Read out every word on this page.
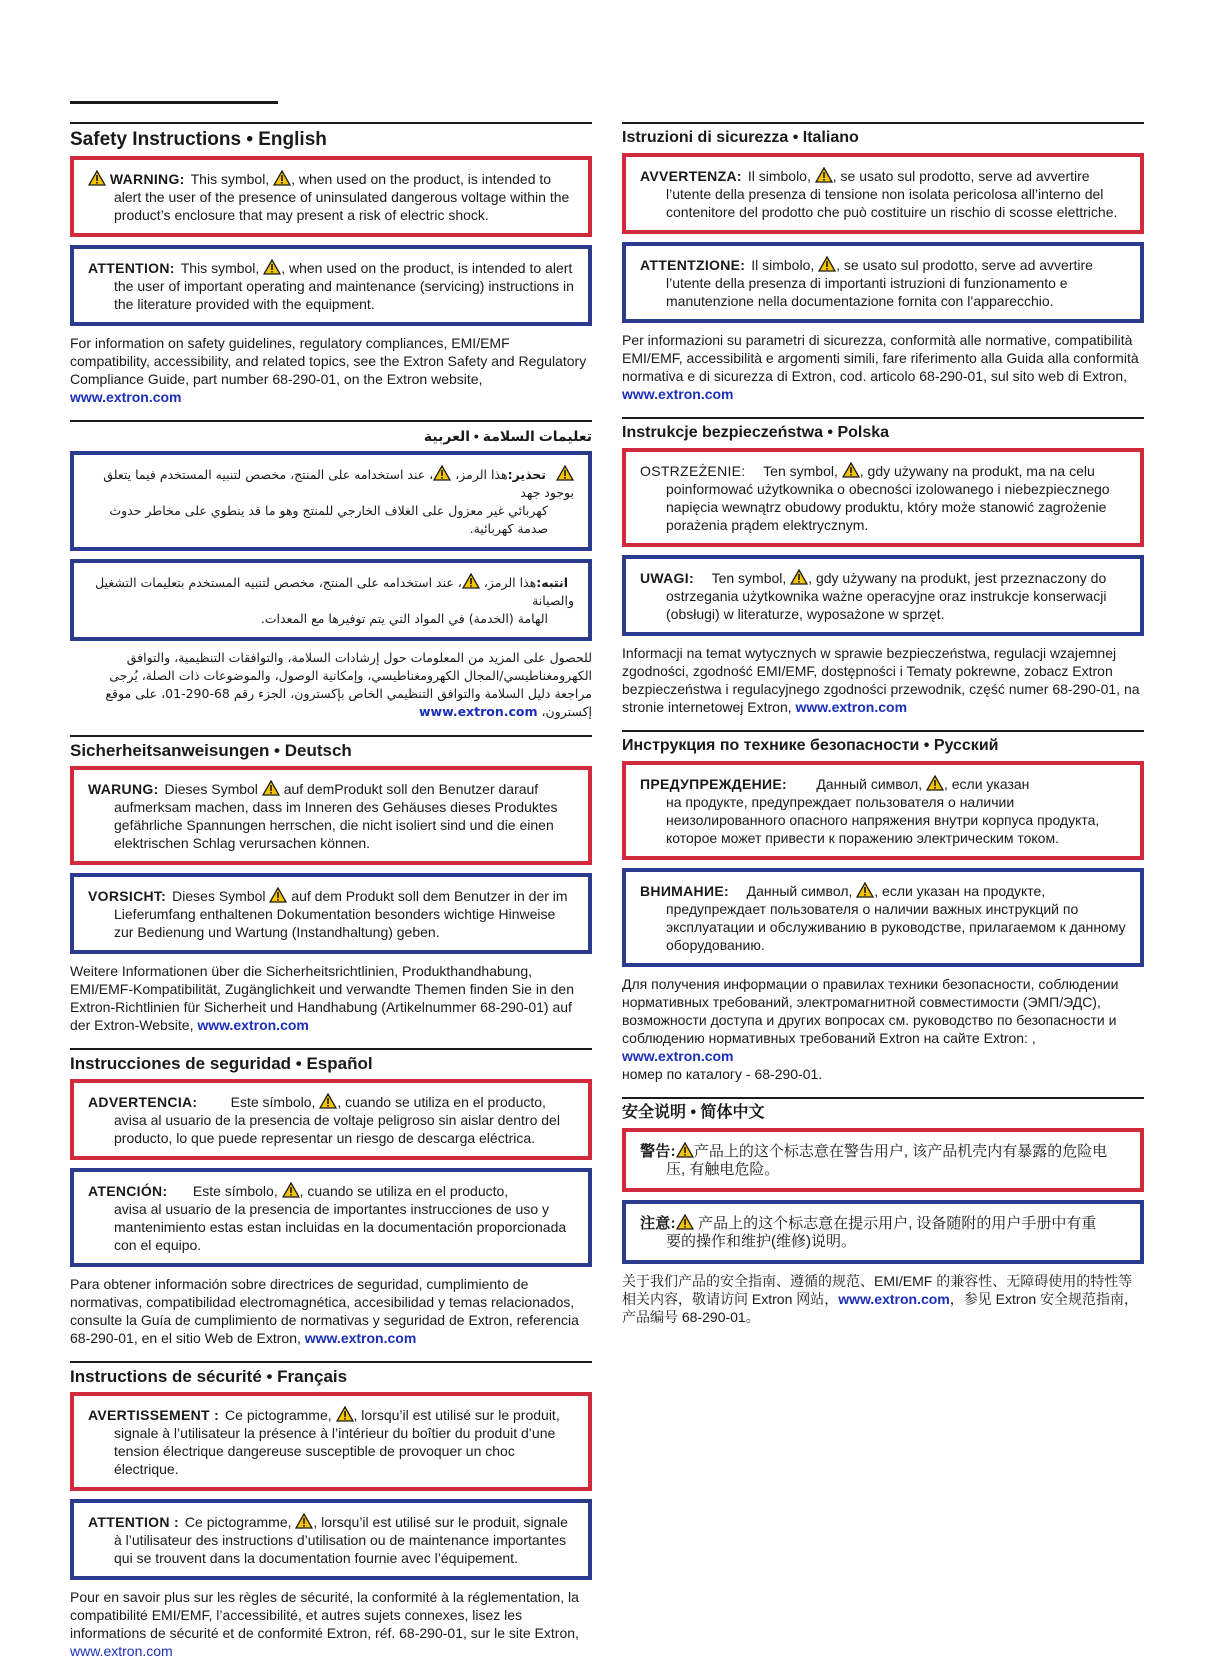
Safety Instructions • English
WARNING: This symbol, , when used on the product, is intended to
alert the user of the presence of uninsulated dangerous voltage within the product’s enclosure that may present a risk of electric shock.
ATTENTION: This symbol, , when used on the product, is intended to alert
the user of important operating and maintenance (servicing) instructions in the literature provided with the equipment.

For information on safety guidelines, regulatory compliances, EMI/EMF compatibility, accessibility, and related topics, see the Extron Safety and Regulatory Compliance Guide, part number 68-290-01, on the Extron website, www.extron.com

تعليمات السلامة • العربية
تحذير:هذا الرمز،
، عند استخدامه على المنتج، مخصص لتنبيه المستخدم فيما يتعلق بوجود جهد
كهربائي غير معزول على الغلاف الخارجي للمنتج وهو ما قد ينطوي على مخاطر حدوث صدمة كهربائية.
انتبه:هذا الرمز،
، عند استخدامه على المنتج، مخصص لتنبيه المستخدم بتعليمات التشغيل والصيانة
الهامة (الخدمة) في المواد التي يتم توفيرها مع المعدات.

للحصول على المزيد من المعلومات حول إرشادات السلامة، والتوافقات التنظيمية، والتوافق الكهرومغناطيسي/المجال الكهرومغناطيسي، وإمكانية الوصول، والموضوعات ذات الصلة، يُرجى مراجعة دليل السلامة والتوافق التنظيمي الخاص بإكسترون، الجزء رقم 68-290-01، على موقع إكسترون، www.extron.com

Sicherheitsanweisungen • Deutsch
WARUNG: Dieses Symbol auf demProdukt soll den Benutzer darauf
aufmerksam machen, dass im Inneren des Gehäuses dieses Produktes gefährliche Spannungen herrschen, die nicht isoliert sind und die einen elektrischen Schlag verursachen können.
VORSICHT: Dieses Symbol auf dem Produkt soll dem Benutzer in der im
Lieferumfang enthaltenen Dokumentation besonders wichtige Hinweise zur Bedienung und Wartung (Instandhaltung) geben.

Weitere Informationen über die Sicherheitsrichtlinien, Produkthandhabung, EMI/EMF-Kompatibilität, Zugänglichkeit und verwandte Themen finden Sie in den Extron-Richtlinien für Sicherheit und Handhabung (Artikelnummer 68-290-01) auf der Extron-Website, www.extron.com

Instrucciones de seguridad • Español
ADVERTENCIA: Este símbolo, , cuando se utiliza en el producto,
avisa al usuario de la presencia de voltaje peligroso sin aislar dentro del producto, lo que puede representar un riesgo de descarga eléctrica.
ATENCIÓN: Este símbolo, , cuando se utiliza en el producto,
avisa al usuario de la presencia de importantes instrucciones de uso y mantenimiento estas estan incluidas en la documentación proporcionada con el equipo.

Para obtener información sobre directrices de seguridad, cumplimiento de normativas, compatibilidad electromagnética, accesibilidad y temas relacionados, consulte la Guía de cumplimiento de normativas y seguridad de Extron, referencia 68-290-01, en el sitio Web de Extron, www.extron.com

Instructions de sécurité • Français
AVERTISSEMENT : Ce pictogramme, , lorsqu’il est utilisé sur le produit,
signale à l’utilisateur la présence à l’intérieur du boîtier du produit d’une tension électrique dangereuse susceptible de provoquer un choc électrique.
ATTENTION : Ce pictogramme, , lorsqu’il est utilisé sur le produit, signale
à l’utilisateur des instructions d’utilisation ou de maintenance importantes qui se trouvent dans la documentation fournie avec l’équipement.

Pour en savoir plus sur les règles de sécurité, la conformité à la réglementation, la compatibilité EMI/EMF, l’accessibilité, et autres sujets connexes, lisez les informations de sécurité et de conformité Extron, réf. 68-290-01, sur le site Extron, www.extron.com

Istruzioni di sicurezza • Italiano
AVVERTENZA: Il simbolo, , se usato sul prodotto, serve ad avvertire
l’utente della presenza di tensione non isolata pericolosa all’interno del contenitore del prodotto che può costituire un rischio di scosse elettriche.
ATTENTZIONE: Il simbolo, , se usato sul prodotto, serve ad avvertire
l’utente della presenza di importanti istruzioni di funzionamento e manutenzione nella documentazione fornita con l’apparecchio.

Per informazioni su parametri di sicurezza, conformità alle normative, compatibilità EMI/EMF, accessibilità e argomenti simili, fare riferimento alla Guida alla conformità normativa e di sicurezza di Extron, cod. articolo 68-290-01, sul sito web di Extron, www.extron.com

Instrukcje bezpieczeństwa • Polska
OSTRZEŻENIE: Ten symbol, , gdy używany na produkt, ma na celu
poinformować użytkownika o obecności izolowanego i niebezpiecznego napięcia wewnątrz obudowy produktu, który może stanowić zagrożenie porażenia prądem elektrycznym.
UWAGI: Ten symbol, , gdy używany na produkt, jest przeznaczony do
ostrzegania użytkownika ważne operacyjne oraz instrukcje konserwacji (obsługi) w literaturze, wyposażone w sprzęt.

Informacji na temat wytycznych w sprawie bezpieczeństwa, regulacji wzajemnej zgodności, zgodność EMI/EMF, dostępności i Tematy pokrewne, zobacz Extron bezpieczeństwa i regulacyjnego zgodności przewodnik, część numer 68-290-01, na stronie internetowej Extron, www.extron.com

Инструкция по технике безопасности • Русский
ПРЕДУПРЕЖДЕНИЕ: Данный символ, , если указан
на продукте, предупреждает пользователя о наличии неизолированного опасного напряжения внутри корпуса продукта, которое может привести к поражению электрическим током.
ВНИМАНИЕ: Данный символ, , если указан на продукте,
предупреждает пользователя о наличии важных инструкций по эксплуатации и обслуживанию в руководстве, прилагаемом к данному оборудованию.

Для получения информации о правилах техники безопасности, соблюдении нормативных требований, электромагнитной совместимости (ЭМП/ЭДС), возможности доступа и других вопросах см. руководство по безопасности и соблюдению нормативных требований Extron на сайте Extron: , www.extron.com
номер по каталогу - 68-290-01.

安全说明 • 简体中文
警告: 产品上的这个标志意在警告用户, 该产品机壳内有暴露的危险电
压, 有触电危险。
注意:
产品上的这个标志意在提示用户, 设备随附的用户手册中有重
要的操作和维护(维修)说明。

关于我们产品的安全指南、遵循的规范、EMI/EMF 的兼容性、无障碍使用的特性等相关内容，敬请访问 Extron 网站，www.extron.com，参见 Extron 安全规范指南，产品编号 68-290-01。
